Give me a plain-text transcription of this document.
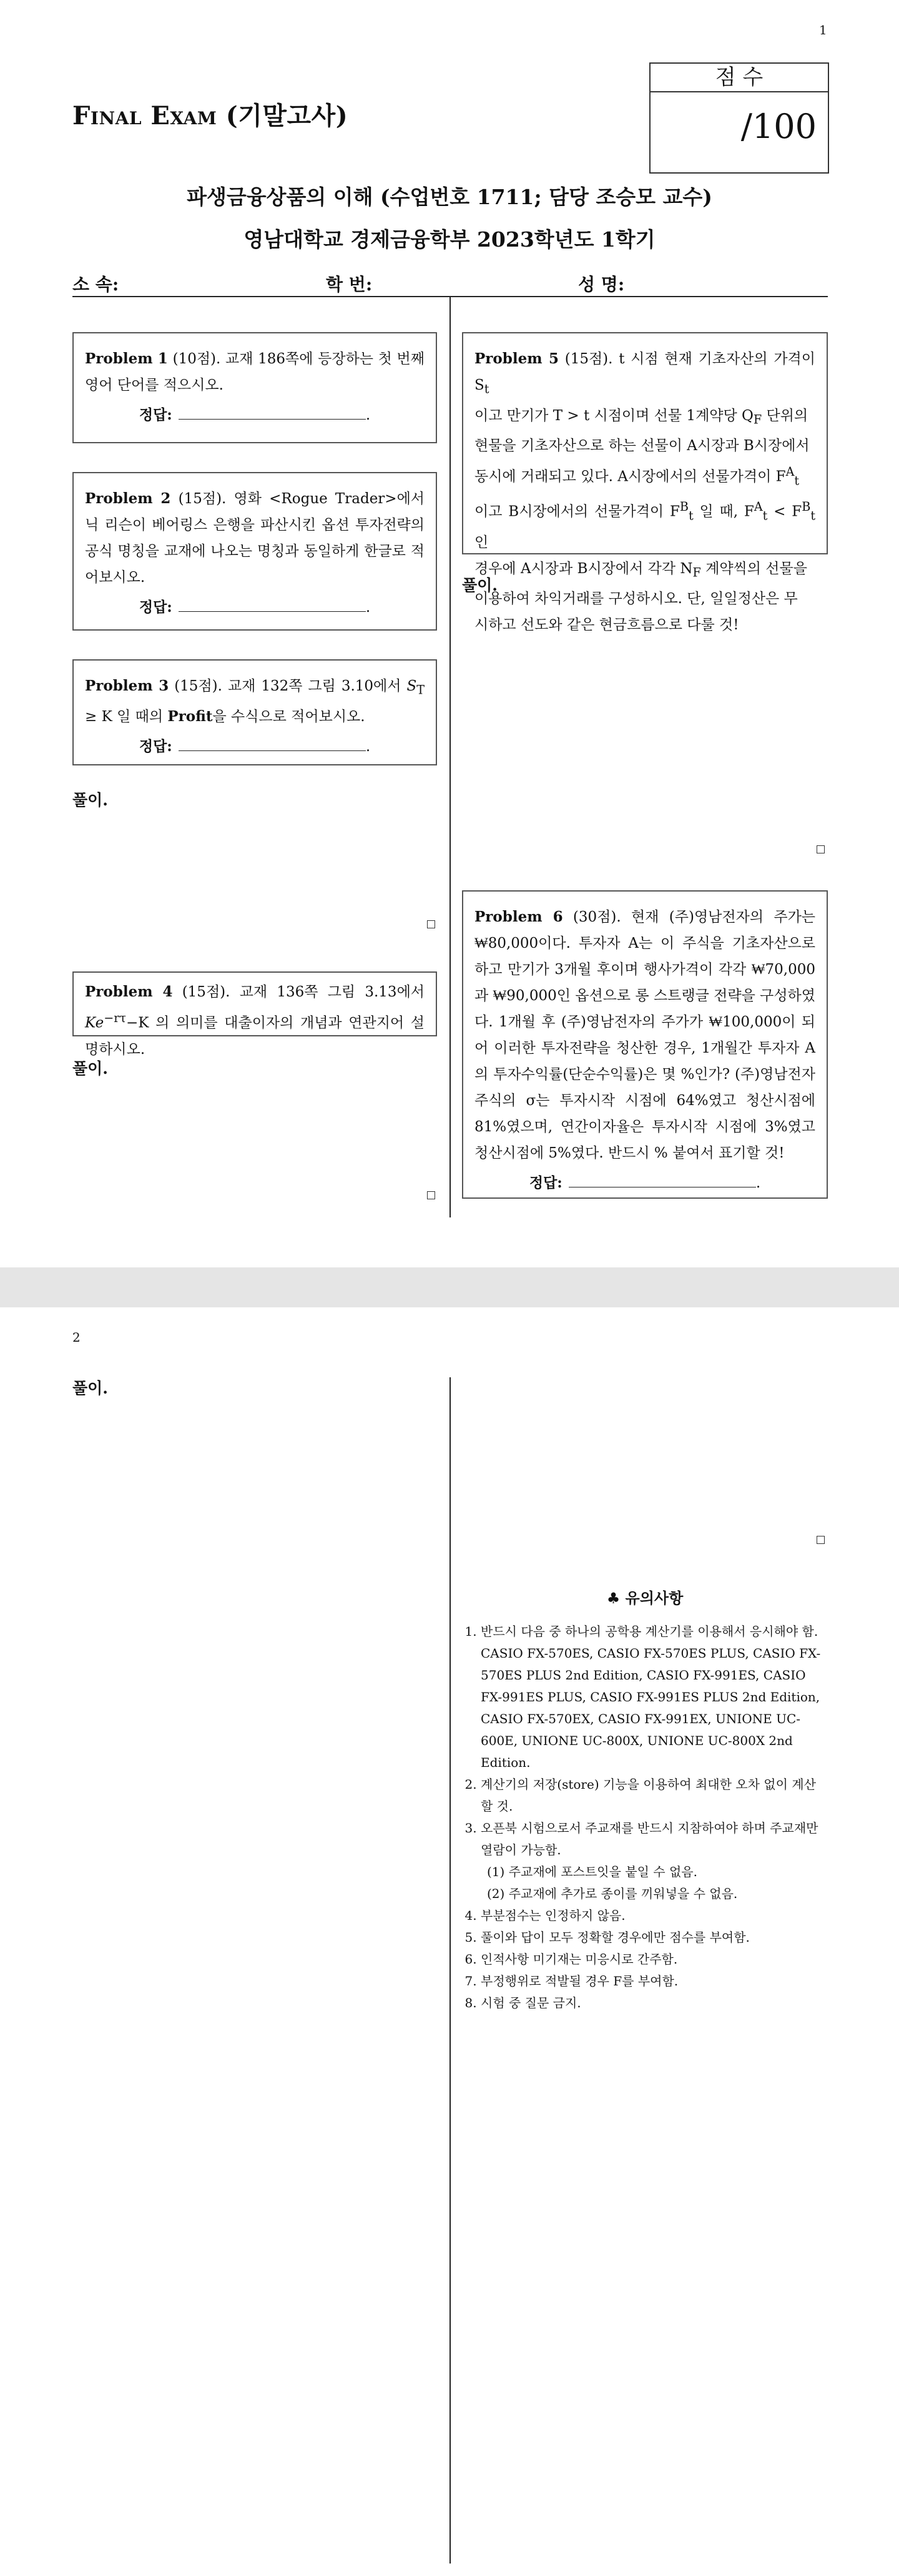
1
Final Exam (기말고사)
점 수
/100
파생금융상품의 이해 (수업번호 1711; 담당 조승모 교수)
영남대학교 경제금융학부 2023학년도 1학기
소 속:	학 번:	성 명:
Problem 1 (10점). 교재 186쪽에 등장하는 첫 번째 영어 단어를 적으시오.
정답:	.
Problem 2 (15점). 영화 <Rogue Trader>에서 닉 리슨이 베어링스 은행을 파산시킨 옵션 투자전략의 공식 명칭을 교재에 나오는 명칭과 동일하게 한글로 적어보시오.
정답:	.
Problem 3 (15점). 교재 132쪽 그림 3.10에서 $S_T \ge K$ 일 때의 Profit을 수식으로 적어보시오.
정답:	.
풀이.
Problem 4 (15점). 교재 136쪽 그림 3.13에서 $Ke^{-r\tau}-K$ 의 의미를 대출이자의 개념과 연관지어 설명하시오.
풀이.
Problem 5 (15점). t 시점 현재 기초자산의 가격이 $S_t$
이고 만기가 T > t 시점이며 선물 1계약당 $Q_F$ 단위의
현물을 기초자산으로 하는 선물이 A시장과 B시장에서
동시에 거래되고 있다. A시장에서의 선물가격이 $F^A_t$
이고 B시장에서의 선물가격이 $F^B_t$ 일 때, $F^A_t < F^B_t$ 인
경우에 A시장과 B시장에서 각각 $N_F$ 계약씩의 선물을
이용하여 차익거래를 구성하시오. 단, 일일정산은 무
시하고 선도와 같은 현금흐름으로 다룰 것!
풀이.
Problem 6 (30점). 현재 (주)영남전자의 주가는 ₩80,000이다. 투자자 A는 이 주식을 기초자산으로 하고 만기가 3개월 후이며 행사가격이 각각 ₩70,000과 ₩90,000인 옵션으로 롱 스트랭글 전략을 구성하였다. 1개월 후 (주)영남전자의 주가가 ₩100,000이 되어 이러한 투자전략을 청산한 경우, 1개월간 투자자 A의 투자수익률(단순수익률)은 몇 %인가? (주)영남전자 주식의 σ는 투자시작 시점에 64%였고 청산시점에 81%였으며, 연간이자율은 투자시작 시점에 3%였고 청산시점에 5%였다. 반드시 % 붙여서 표기할 것!
정답:	.
2
풀이.
♣ 유의사항
1. 반드시 다음 중 하나의 공학용 계산기를 이용해서 응시해야 함. CASIO FX-570ES, CASIO FX-570ES PLUS, CASIO FX-570ES PLUS 2nd Edition, CASIO FX-991ES, CASIO FX-991ES PLUS, CASIO FX-991ES PLUS 2nd Edition, CASIO FX-570EX, CASIO FX-991EX, UNIONE UC-600E, UNIONE UC-800X, UNIONE UC-800X 2nd Edition.
2. 계산기의 저장(store) 기능을 이용하여 최대한 오차 없이 계산할 것.
3. 오픈북 시험으로서 주교재를 반드시 지참하여야 하며 주교재만 열람이 가능함.
(1) 주교재에 포스트잇을 붙일 수 없음.
(2) 주교재에 추가로 종이를 끼워넣을 수 없음.
4. 부분점수는 인정하지 않음.
5. 풀이와 답이 모두 정확할 경우에만 점수를 부여함.
6. 인적사항 미기재는 미응시로 간주함.
7. 부정행위로 적발될 경우 F를 부여함.
8. 시험 중 질문 금지.
